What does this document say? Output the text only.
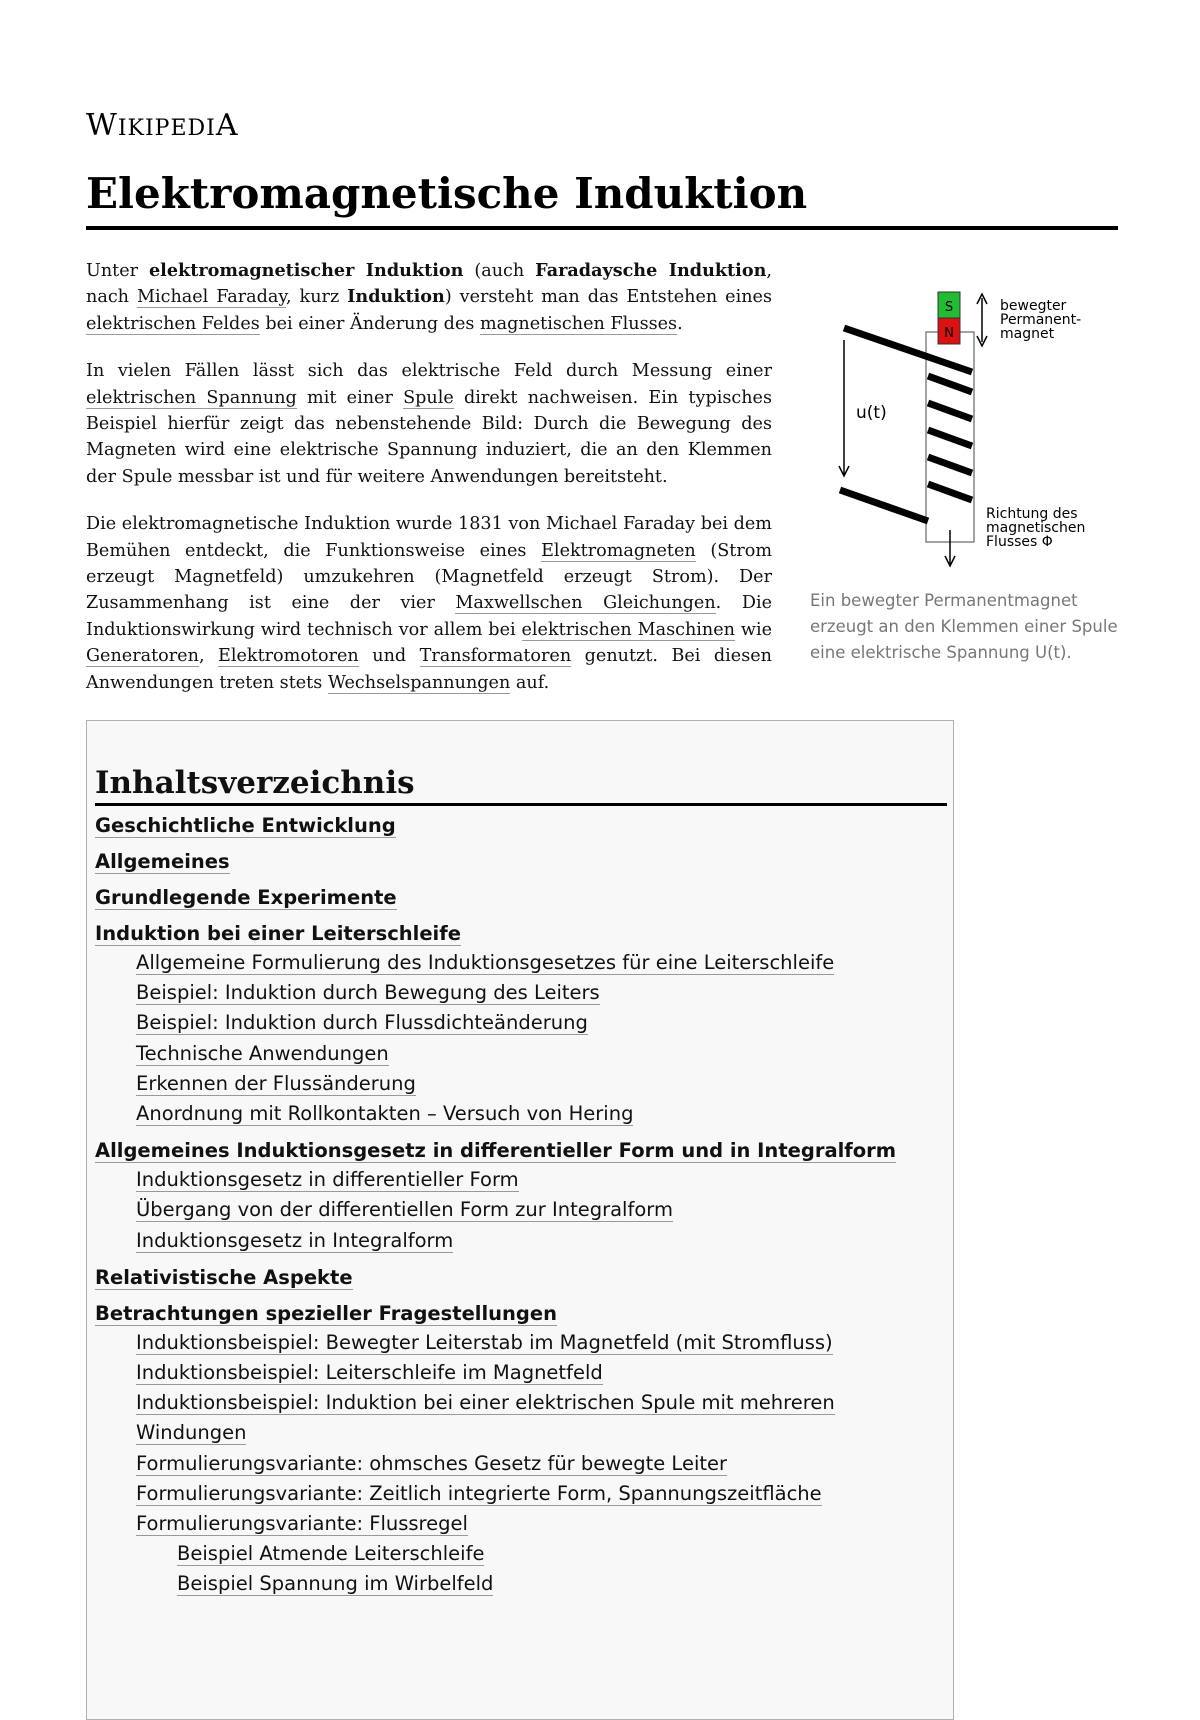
WIKIPEDIA
Elektromagnetische Induktion

Unter elektromagnetischer Induktion (auch Faradaysche Induktion, nach Michael Faraday, kurz Induktion) versteht man das Entstehen eines elektrischen Feldes bei einer Änderung des magnetischen Flusses.

In vielen Fällen lässt sich das elektrische Feld durch Messung einer elektrischen Spannung mit einer Spule direkt nachweisen. Ein typisches Beispiel hierfür zeigt das nebenstehende Bild: Durch die Bewegung des Magneten wird eine elektrische Spannung induziert, die an den Klemmen der Spule messbar ist und für weitere Anwendungen bereitsteht.

Die elektromagnetische Induktion wurde 1831 von Michael Faraday bei dem Bemühen entdeckt, die Funktionsweise eines Elektromagneten (Strom erzeugt Magnetfeld) umzukehren (Magnetfeld erzeugt Strom). Der Zusammenhang ist eine der vier Maxwellschen Gleichungen. Die Induktionswirkung wird technisch vor allem bei elektrischen Maschinen wie Generatoren, Elektromotoren und Transformatoren genutzt. Bei diesen Anwendungen treten stets Wechselspannungen auf.

S
N
bewegter
Permanent-
magnet
u(t)
Richtung des
magnetischen
Flusses Φ
Ein bewegter Permanentmagnet erzeugt an den Klemmen einer Spule eine elektrische Spannung U(t).
Inhaltsverzeichnis
Geschichtliche Entwicklung
Allgemeines
Grundlegende Experimente
Induktion bei einer Leiterschleife
Allgemeine Formulierung des Induktionsgesetzes für eine Leiterschleife
Beispiel: Induktion durch Bewegung des Leiters
Beispiel: Induktion durch Flussdichteänderung
Technische Anwendungen
Erkennen der Flussänderung
Anordnung mit Rollkontakten – Versuch von Hering
Allgemeines Induktionsgesetz in differentieller Form und in Integralform
Induktionsgesetz in differentieller Form
Übergang von der differentiellen Form zur Integralform
Induktionsgesetz in Integralform
Relativistische Aspekte
Betrachtungen spezieller Fragestellungen
Induktionsbeispiel: Bewegter Leiterstab im Magnetfeld (mit Stromfluss)
Induktionsbeispiel: Leiterschleife im Magnetfeld
Induktionsbeispiel: Induktion bei einer elektrischen Spule mit mehreren Windungen
Formulierungsvariante: ohmsches Gesetz für bewegte Leiter
Formulierungsvariante: Zeitlich integrierte Form, Spannungszeitfläche
Formulierungsvariante: Flussregel
Beispiel Atmende Leiterschleife
Beispiel Spannung im Wirbelfeld
